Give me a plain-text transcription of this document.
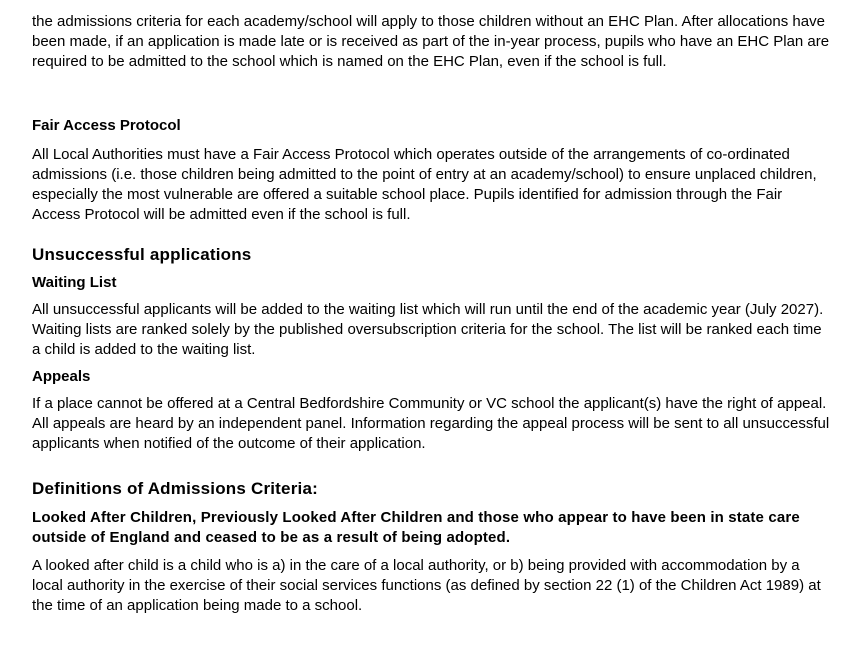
the admissions criteria for each academy/school will apply to those children without an EHC Plan. After allocations have been made, if an application is made late or is received as part of the in-year process, pupils who have an EHC Plan are required to be admitted to the school which is named on the EHC Plan, even if the school is full.

Fair Access Protocol

All Local Authorities must have a Fair Access Protocol which operates outside of the arrangements of co-ordinated admissions (i.e. those children being admitted to the point of entry at an academy/school) to ensure unplaced children, especially the most vulnerable are offered a suitable school place. Pupils identified for admission through the Fair Access Protocol will be admitted even if the school is full.

Unsuccessful applications
Waiting List

All unsuccessful applicants will be added to the waiting list which will run until the end of the academic year (July 2027). Waiting lists are ranked solely by the published oversubscription criteria for the school. The list will be ranked each time a child is added to the waiting list.

Appeals

If a place cannot be offered at a Central Bedfordshire Community or VC school the applicant(s) have the right of appeal. All appeals are heard by an independent panel. Information regarding the appeal process will be sent to all unsuccessful applicants when notified of the outcome of their application.

Definitions of Admissions Criteria:
Looked After Children, Previously Looked After Children and those who appear to have been in state care outside of England and ceased to be as a result of being adopted.

A looked after child is a child who is a) in the care of a local authority, or b) being provided with accommodation by a local authority in the exercise of their social services functions (as defined by section 22 (1) of the Children Act 1989) at the time of an application being made to a school.
